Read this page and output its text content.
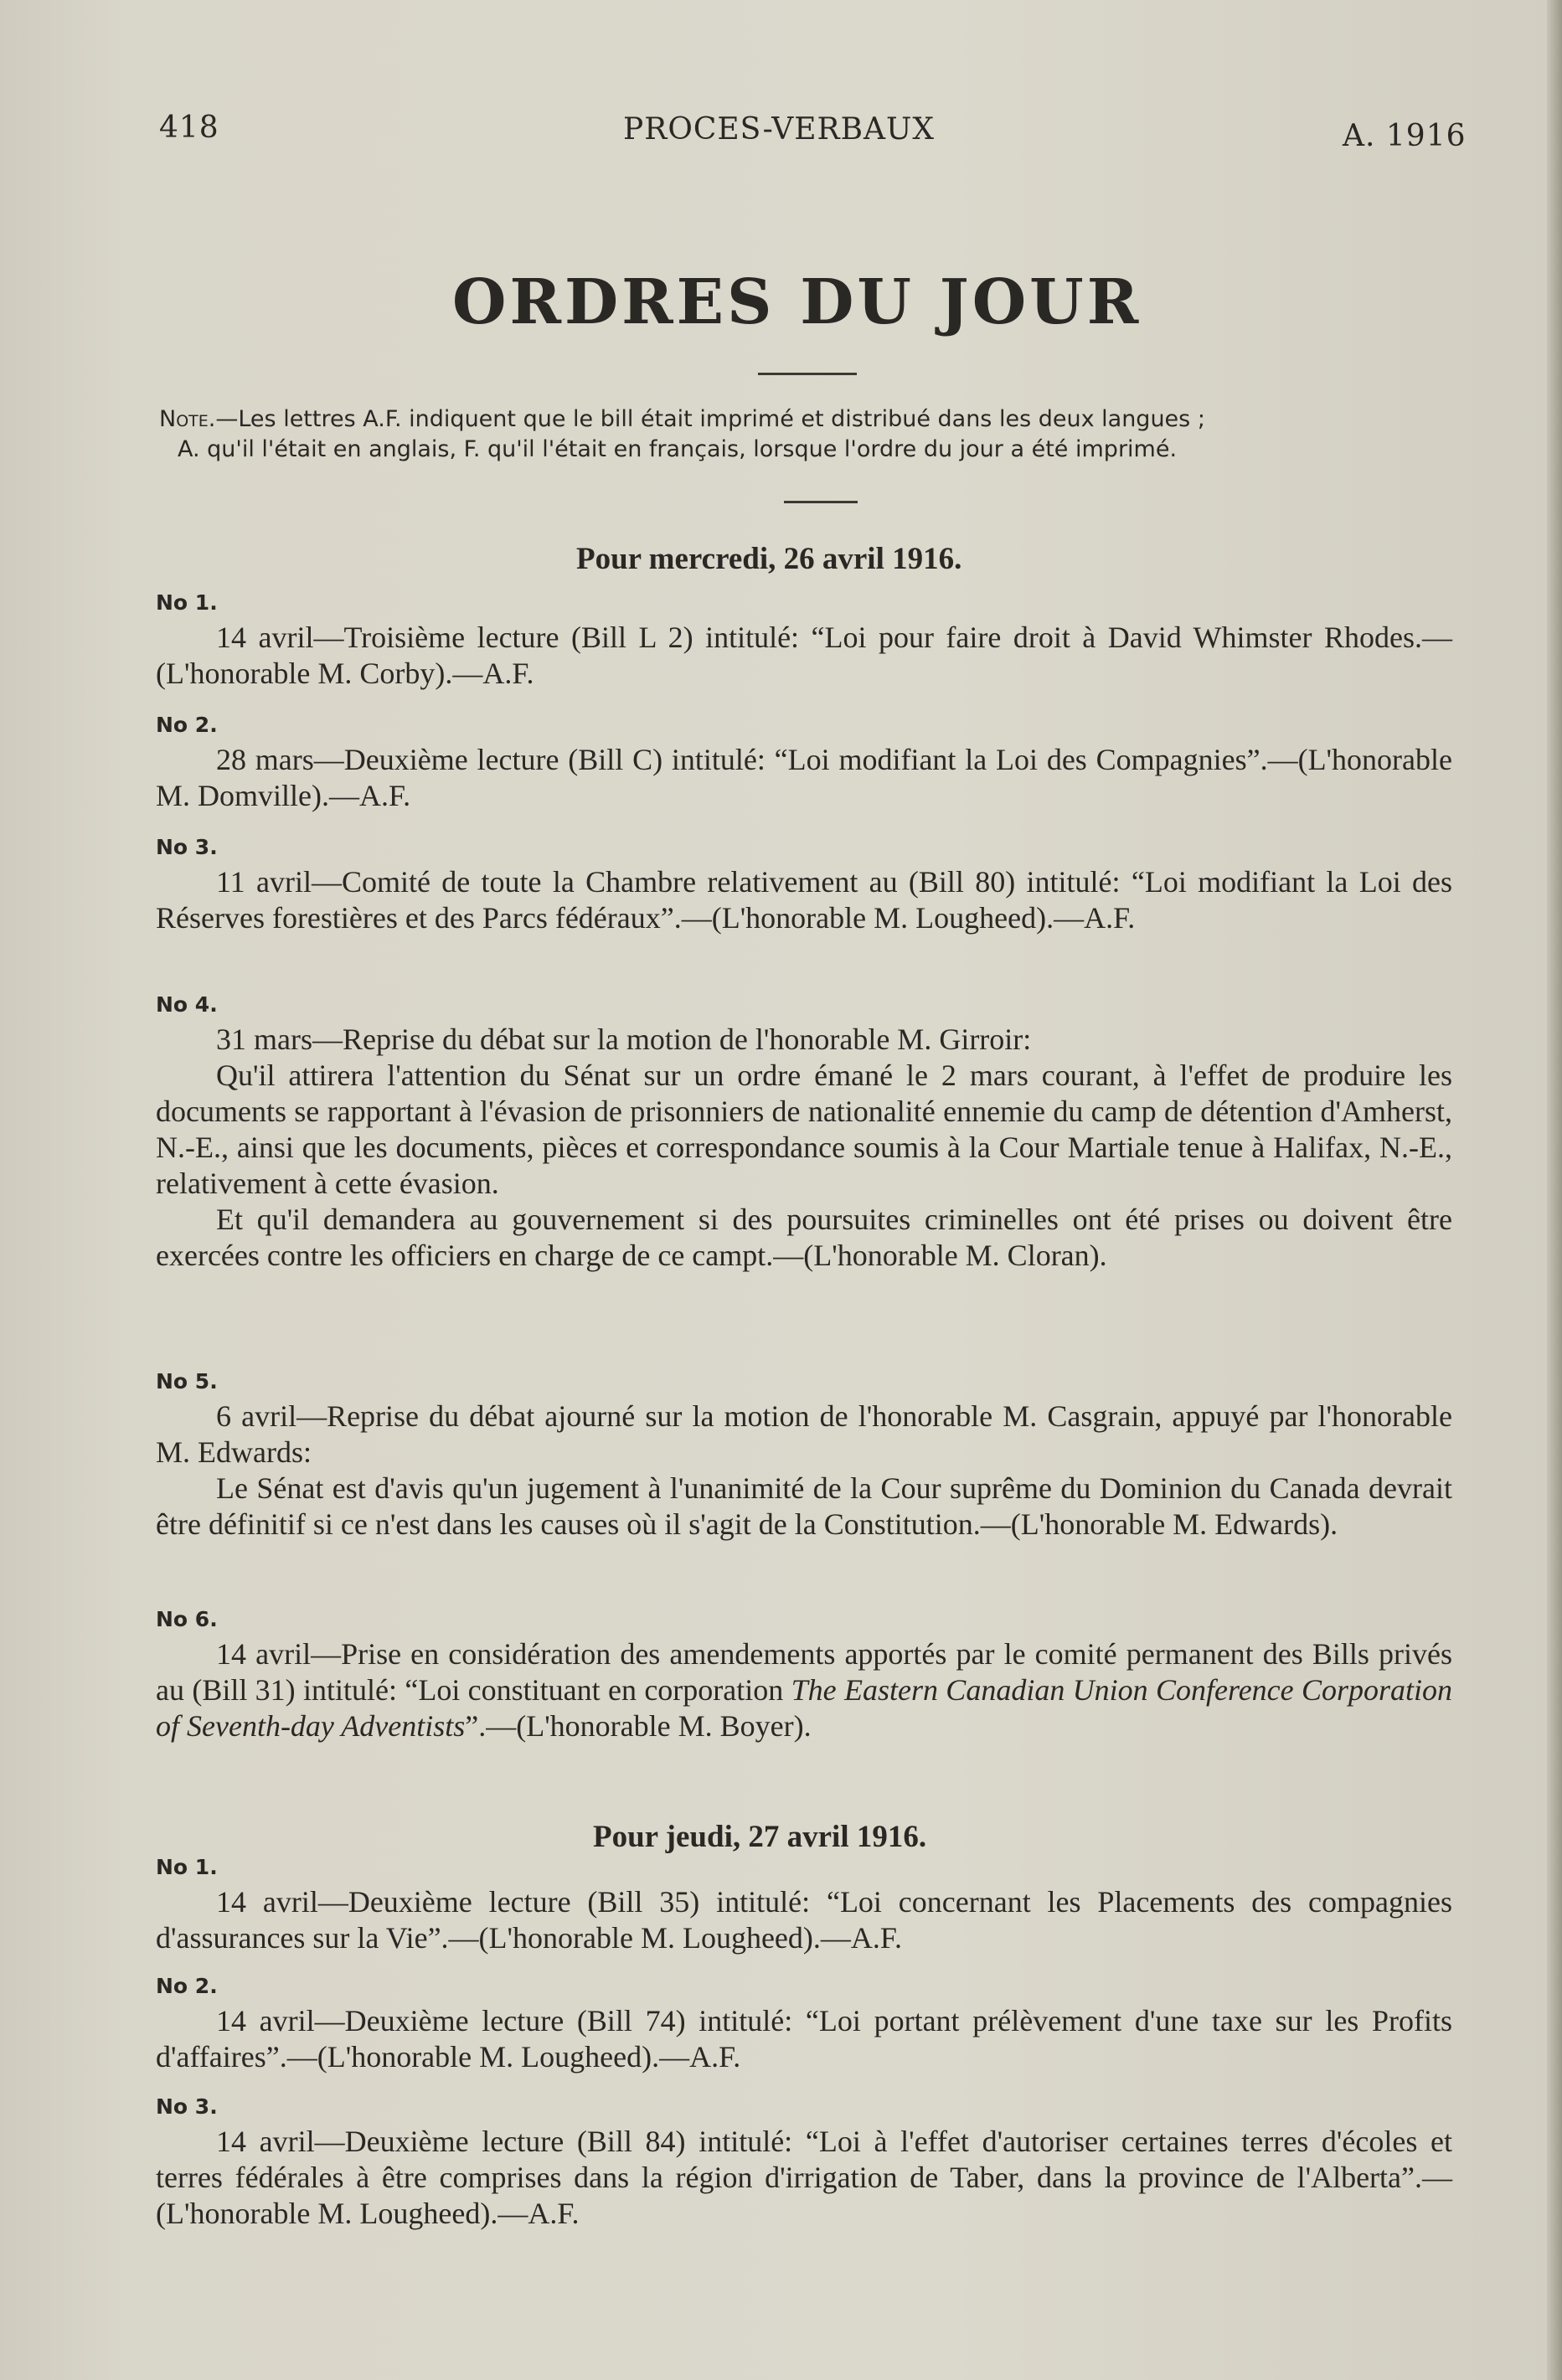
418	PROCES-VERBAUX	A. 1916
ORDRES DU JOUR
Note.—Les lettres A.F. indiquent que le bill était imprimé et distribué dans les deux langues ;
A. qu'il l'était en anglais, F. qu'il l'était en français, lorsque l'ordre du jour a été imprimé.
Pour mercredi, 26 avril 1916.
No 1.

14 avril—Troisième lecture (Bill L 2) intitulé: “Loi pour faire droit à David Whimster Rhodes.—(L'honorable M. Corby).—A.F.

No 2.

28 mars—Deuxième lecture (Bill C) intitulé: “Loi modifiant la Loi des Compagnies”.—(L'honorable M. Domville).—A.F.

No 3.

11 avril—Comité de toute la Chambre relativement au (Bill 80) intitulé: “Loi modifiant la Loi des Réserves forestières et des Parcs fédéraux”.—(L'honorable M. Lougheed).—A.F.

No 4.

31 mars—Reprise du débat sur la motion de l'honorable M. Girroir:

Qu'il attirera l'attention du Sénat sur un ordre émané le 2 mars courant, à l'effet de produire les documents se rapportant à l'évasion de prisonniers de nationalité ennemie du camp de détention d'Amherst, N.-E., ainsi que les documents, pièces et correspondance soumis à la Cour Martiale tenue à Halifax, N.-E., relativement à cette évasion.

Et qu'il demandera au gouvernement si des poursuites criminelles ont été prises ou doivent être exercées contre les officiers en charge de ce campt.—(L'honorable M. Cloran).

No 5.

6 avril—Reprise du débat ajourné sur la motion de l'honorable M. Casgrain, appuyé par l'honorable M. Edwards:

Le Sénat est d'avis qu'un jugement à l'unanimité de la Cour suprême du Dominion du Canada devrait être définitif si ce n'est dans les causes où il s'agit de la Constitution.—(L'honorable M. Edwards).

No 6.

14 avril—Prise en considération des amendements apportés par le comité permanent des Bills privés au (Bill 31) intitulé: “Loi constituant en corporation The Eastern Canadian Union Conference Corporation of Seventh-day Adventists”.—(L'honorable M. Boyer).

Pour jeudi, 27 avril 1916.
No 1.

14 avril—Deuxième lecture (Bill 35) intitulé: “Loi concernant les Placements des compagnies d'assurances sur la Vie”.—(L'honorable M. Lougheed).—A.F.

No 2.

14 avril—Deuxième lecture (Bill 74) intitulé: “Loi portant prélèvement d'une taxe sur les Profits d'affaires”.—(L'honorable M. Lougheed).—A.F.

No 3.

14 avril—Deuxième lecture (Bill 84) intitulé: “Loi à l'effet d'autoriser certaines terres d'écoles et terres fédérales à être comprises dans la région d'irrigation de Taber, dans la province de l'Alberta”.—(L'honorable M. Lougheed).—A.F.
